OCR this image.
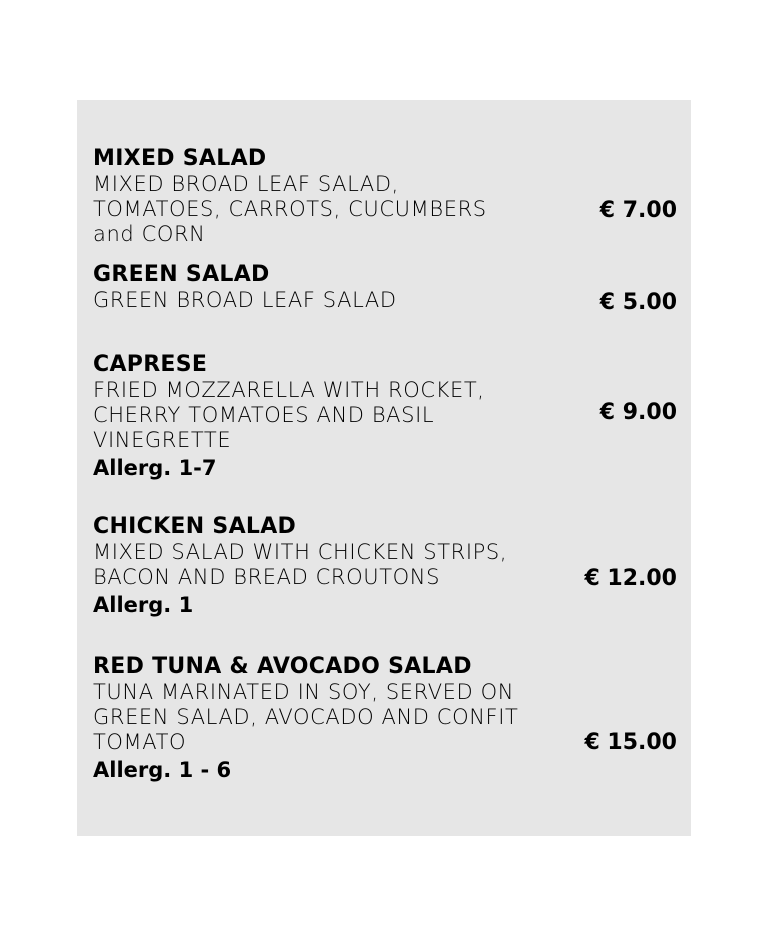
MIXED SALAD
MIXED BROAD LEAF SALAD, TOMATOES, CARROTS, CUCUMBERS and CORN
€ 7.00
GREEN SALAD
GREEN BROAD LEAF SALAD	€ 5.00
CAPRESE
FRIED MOZZARELLA WITH ROCKET, CHERRY TOMATOES AND BASIL VINEGRETTE
Allerg. 1-7
€ 9.00
CHICKEN SALAD
MIXED SALAD WITH CHICKEN STRIPS, BACON AND BREAD CROUTONS
Allerg. 1
€ 12.00
RED TUNA & AVOCADO SALAD
TUNA MARINATED IN SOY, SERVED ON GREEN SALAD, AVOCADO AND CONFIT TOMATO
Allerg. 1 - 6
€ 15.00
